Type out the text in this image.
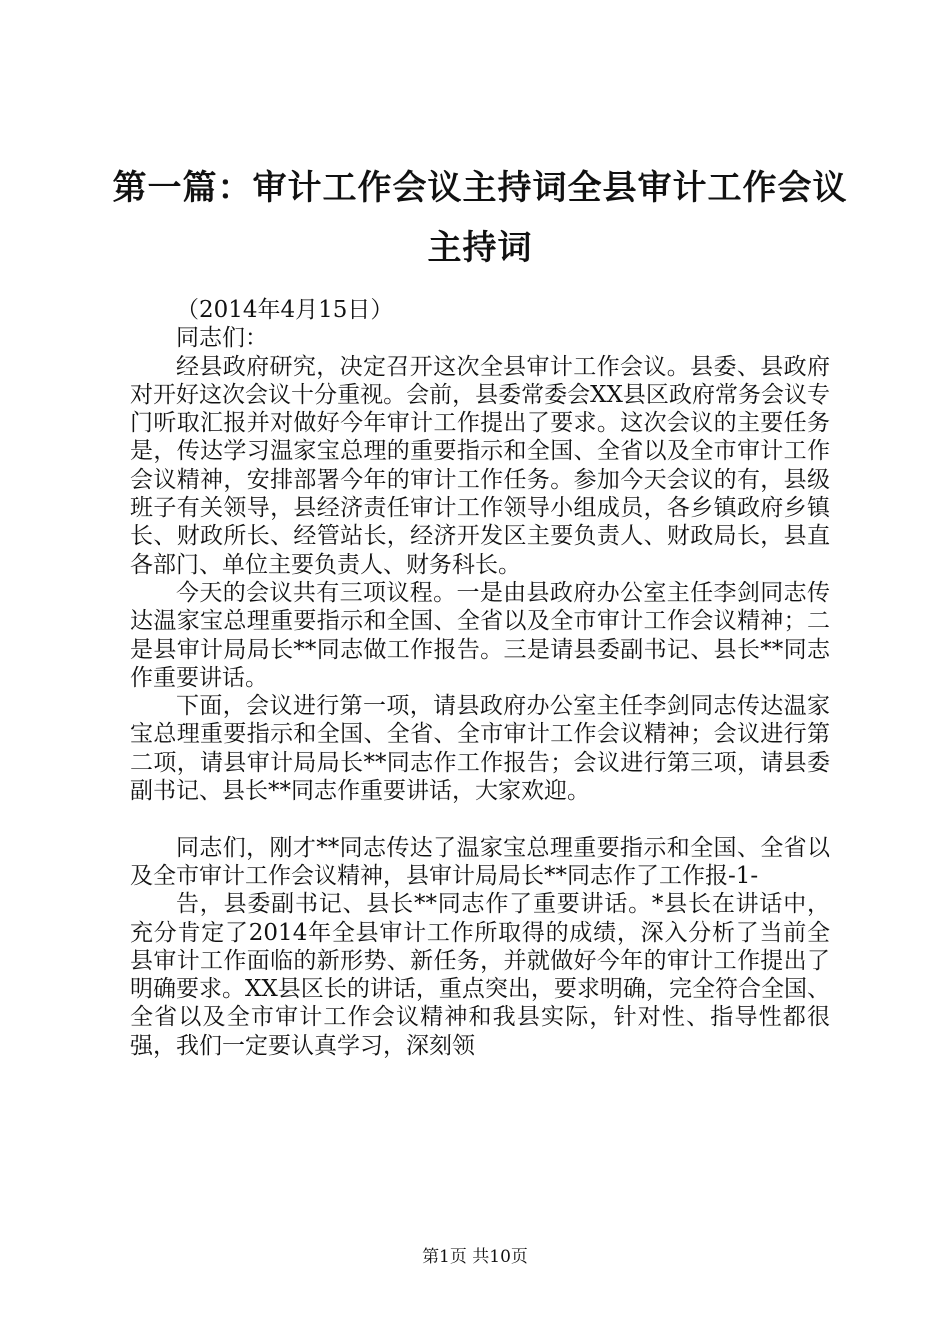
第一篇：审计工作会议主持词全县审计工作会议主持词

（2014年4月15日）

同志们：

经县政府研究，决定召开这次全县审计工作会议。县委、县政府对开好这次会议十分重视。会前，县委常委会XX县区政府常务会议专门听取汇报并对做好今年审计工作提出了要求。这次会议的主要任务是，传达学习温家宝总理的重要指示和全国、全省以及全市审计工作会议精神，安排部署今年的审计工作任务。参加今天会议的有，县级班子有关领导，县经济责任审计工作领导小组成员，各乡镇政府乡镇长、财政所长、经管站长，经济开发区主要负责人、财政局长，县直各部门、单位主要负责人、财务科长。

今天的会议共有三项议程。一是由县政府办公室主任李剑同志传达温家宝总理重要指示和全国、全省以及全市审计工作会议精神；二是县审计局局长**同志做工作报告。三是请县委副书记、县长**同志作重要讲话。

下面，会议进行第一项，请县政府办公室主任李剑同志传达温家宝总理重要指示和全国、全省、全市审计工作会议精神；会议进行第二项，请县审计局局长**同志作工作报告；会议进行第三项，请县委副书记、县长**同志作重要讲话，大家欢迎。

同志们，刚才**同志传达了温家宝总理重要指示和全国、全省以及全市审计工作会议精神，县审计局局长**同志作了工作报-1-

告，县委副书记、县长**同志作了重要讲话。*县长在讲话中，充分肯定了2014年全县审计工作所取得的成绩，深入分析了当前全县审计工作面临的新形势、新任务，并就做好今年的审计工作提出了明确要求。XX县区长的讲话，重点突出，要求明确，完全符合全国、全省以及全市审计工作会议精神和我县实际，针对性、指导性都很强，我们一定要认真学习，深刻领

第1页 共10页
